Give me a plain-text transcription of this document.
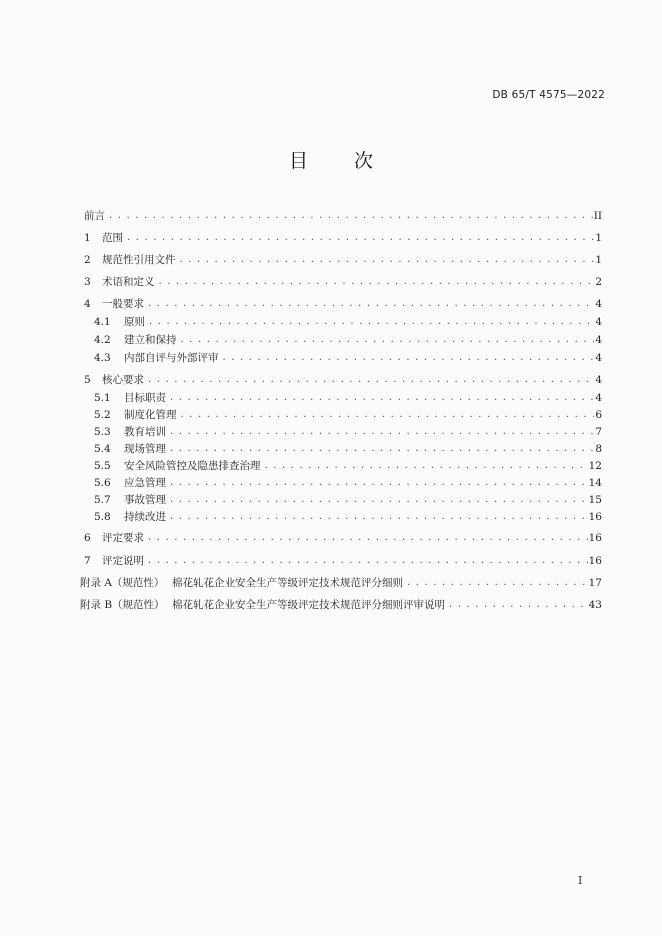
DB 65/T 4575—2022
目 次
前言 . . .	II
1 范围 . . .	1
2 规范性引用文件 . . .	1
3 术语和定义 . . .	2
4 一般要求 . . .	4
4.1 原则 . . .	4
4.2 建立和保持 . . .	4
4.3 内部自评与外部评审 . . .	4
5 核心要求 . . .	4
5.1 目标职责 . . .	4
5.2 制度化管理 . . .	6
5.3 教育培训 . . .	7
5.4 现场管理 . . .	8
5.5 安全风险管控及隐患排查治理 . . .	12
5.6 应急管理 . . .	14
5.7 事故管理 . . .	15
5.8 持续改进 . . .	16
6 评定要求 . . .	16
7 评定说明 . . .	16
附录 A（规范性） 棉花轧花企业安全生产等级评定技术规范评分细则 . . .	17
附录 B（规范性） 棉花轧花企业安全生产等级评定技术规范评分细则评审说明 . . .	43
I
